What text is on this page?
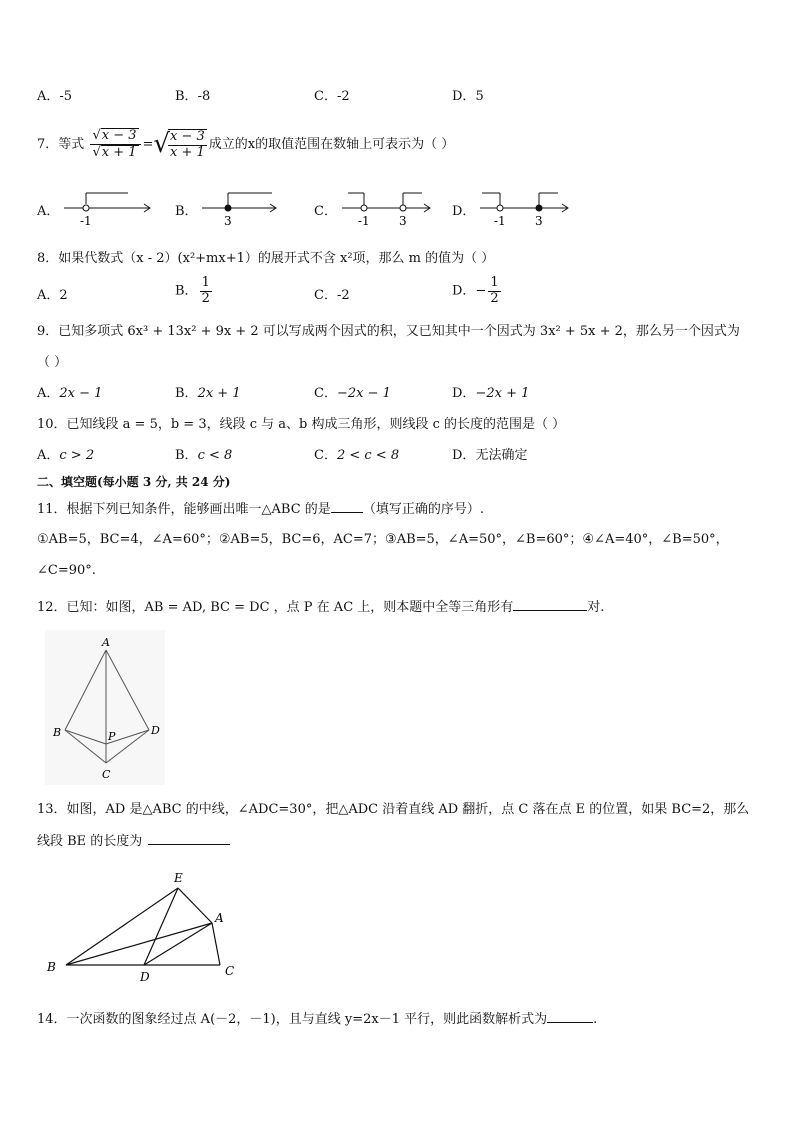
A．-5	B．-8	C．-2	D．5
7．等式 $\frac{√x - 3}{√x + 1}$ =√
$\frac{x - 3}{x + 1}$ 成立的x的取值范围在数轴上可表示为（ ）
A．
-1
B．
3
C．
-1 3
D．
-1 3
8．如果代数式（x - 2）(x²+mx+1）的展开式不含 x²项，那么 m 的值为（ ）
A．2	B． $\frac{1}{2}$	C．-2	D．− $\frac{1}{2}$
9．已知多项式 6x³ + 13x² + 9x + 2 可以写成两个因式的积，又已知其中一个因式为 3x² + 5x + 2，那么另一个因式为
（ ）
A．2x − 1	B．2x + 1	C．−2x − 1	D．−2x + 1
10．已知线段 a = 5，b = 3，线段 c 与 a、b 构成三角形，则线段 c 的长度的范围是（ ）
A．c > 2	B．c < 8	C．2 < c < 8	D．无法确定
二、填空题(每小题 3 分, 共 24 分)
11．根据下列已知条件，能够画出唯一△ABC 的是 （填写正确的序号）.
①AB=5，BC=4，∠A=60°；②AB=5，BC=6，AC=7；③AB=5，∠A=50°，∠B=60°；④∠A=40°，∠B=50°，
∠C=90°.
12．已知：如图，AB = AD, BC = DC ，点 P 在 AC 上，则本题中全等三角形有	对.
A
B	P	D
C
13．如图，AD 是△ABC 的中线，∠ADC=30°，把△ADC 沿着直线 AD 翻折，点 C 落在点 E 的位置，如果 BC=2，那么
线段 BE 的长度为
E
A
B
D	C
14．一次函数的图象经过点 A(－2，－1)，且与直线 y=2x－1 平行，则此函数解析式为	.
